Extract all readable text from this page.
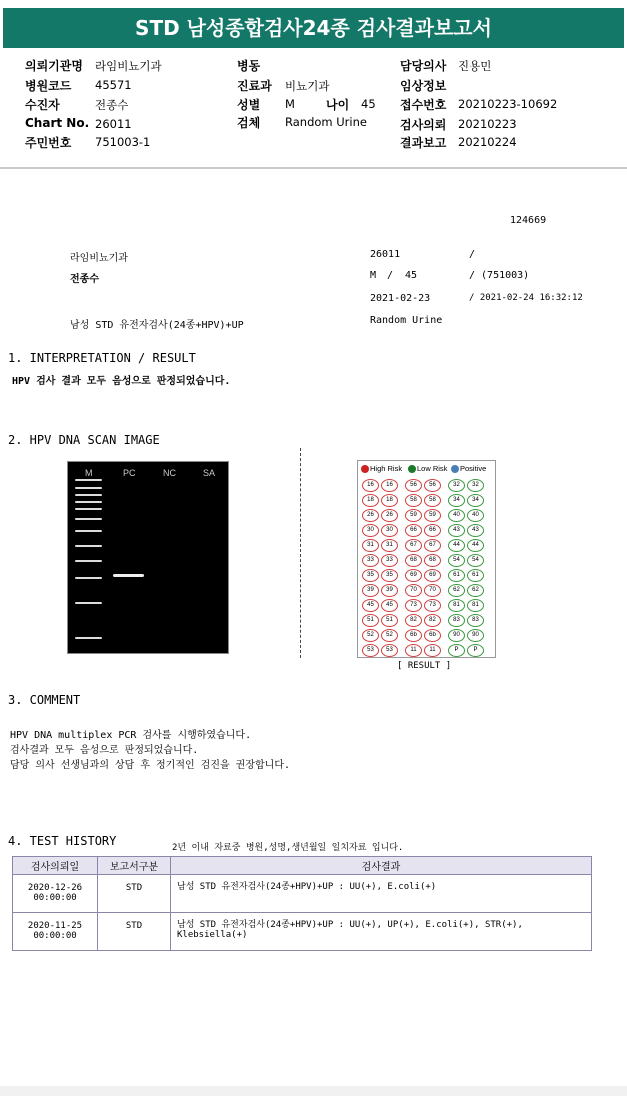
STD 남성종합검사24종 검사결과보고서
의뢰기관명 라임비뇨기과
병원코드 45571
수진자	전종수
Chart No. 26011
주민번호 751003-1
병동
진료과 비뇨기과
성별 M	나이 45
검체 Random Urine
담당의사 진용민
임상정보
접수번호 20210223-10692
검사의뢰 20210223
결과보고 20210224
124669
라임비뇨기과	26011	/
전종수	M / 45	/ (751003)
2021-02-23	/ 2021-02-24 16:32:12
남성 STD 유전자검사(24종+HPV)+UP	Random Urine
1. INTERPRETATION / RESULT
HPV 검사 결과 모두 음성으로 판정되었습니다.
2. HPV DNA SCAN IMAGE
M	PC	NC	SA	High Risk	Low Risk	Positive
16	16	56	56	32	32
18	18	58	58	34	34
26	26	59	59	40	40
30	30	66	66	43	43
31	31	67	67	44	44
33	33	68	68	54	54
35	35	69	69	61	61
39	39	70	70	62	62
45	45	73	73	81	81
51	51	82	82	83	83
52	52	6b	6b	90	90
53	53	11	11	P	P
[ RESULT ]
3. COMMENT
HPV DNA multiplex PCR 검사를 시행하였습니다.
검사결과 모두 음성으로 판정되었습니다.
담당 의사 선생님과의 상담 후 정기적인 검진을 권장합니다.
4. TEST HISTORY	2년 이내 자료중 병원,성명,생년월일 일치자료 입니다.
검사의뢰일	보고서구분	검사결과

2020-12-26
00:00:00	STD	남성 STD 유전자검사(24종+HPV)+UP : UU(+), E.coli(+)

2020-11-25
00:00:00	STD	남성 STD 유전자검사(24종+HPV)+UP : UU(+), UP(+), E.coli(+), STR(+), Klebsiella(+)
